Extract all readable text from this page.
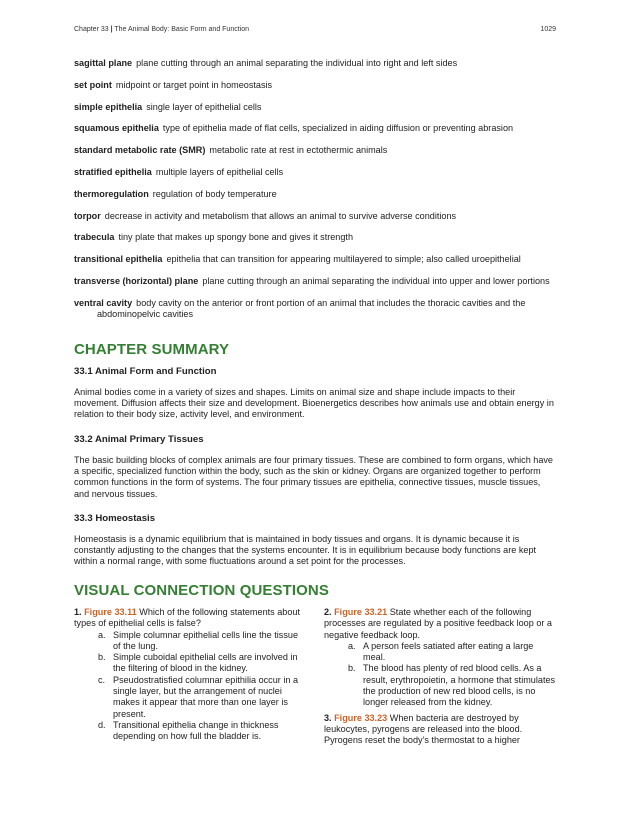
Chapter 33 | The Animal Body: Basic Form and Function	1029
sagittal plane plane cutting through an animal separating the individual into right and left sides
set point midpoint or target point in homeostasis
simple epithelia single layer of epithelial cells
squamous epithelia type of epithelia made of flat cells, specialized in aiding diffusion or preventing abrasion
standard metabolic rate (SMR) metabolic rate at rest in ectothermic animals
stratified epithelia multiple layers of epithelial cells
thermoregulation regulation of body temperature
torpor decrease in activity and metabolism that allows an animal to survive adverse conditions
trabecula tiny plate that makes up spongy bone and gives it strength
transitional epithelia epithelia that can transition for appearing multilayered to simple; also called uroepithelial
transverse (horizontal) plane plane cutting through an animal separating the individual into upper and lower portions
ventral cavity body cavity on the anterior or front portion of an animal that includes the thoracic cavities and the abdominopelvic cavities
CHAPTER SUMMARY
33.1 Animal Form and Function

Animal bodies come in a variety of sizes and shapes. Limits on animal size and shape include impacts to their movement. Diffusion affects their size and development. Bioenergetics describes how animals use and obtain energy in relation to their body size, activity level, and environment.

33.2 Animal Primary Tissues

The basic building blocks of complex animals are four primary tissues. These are combined to form organs, which have a specific, specialized function within the body, such as the skin or kidney. Organs are organized together to perform common functions in the form of systems. The four primary tissues are epithelia, connective tissues, muscle tissues, and nervous tissues.

33.3 Homeostasis

Homeostasis is a dynamic equilibrium that is maintained in body tissues and organs. It is dynamic because it is constantly adjusting to the changes that the systems encounter. It is in equilibrium because body functions are kept within a normal range, with some fluctuations around a set point for the processes.

VISUAL CONNECTION QUESTIONS
1. Figure 33.11 Which of the following statements about types of epithelial cells is false?
a. Simple columnar epithelial cells line the tissue of the lung.
b. Simple cuboidal epithelial cells are involved in the filtering of blood in the kidney.
c. Pseudostratisfied columnar epithilia occur in a single layer, but the arrangement of nuclei makes it appear that more than one layer is present.
d. Transitional epithelia change in thickness depending on how full the bladder is.
2. Figure 33.21 State whether each of the following processes are regulated by a positive feedback loop or a negative feedback loop.
a. A person feels satiated after eating a large meal.
b. The blood has plenty of red blood cells. As a result, erythropoietin, a hormone that stimulates the production of new red blood cells, is no longer released from the kidney.
3. Figure 33.23 When bacteria are destroyed by leukocytes, pyrogens are released into the blood. Pyrogens reset the body’s thermostat to a higher
